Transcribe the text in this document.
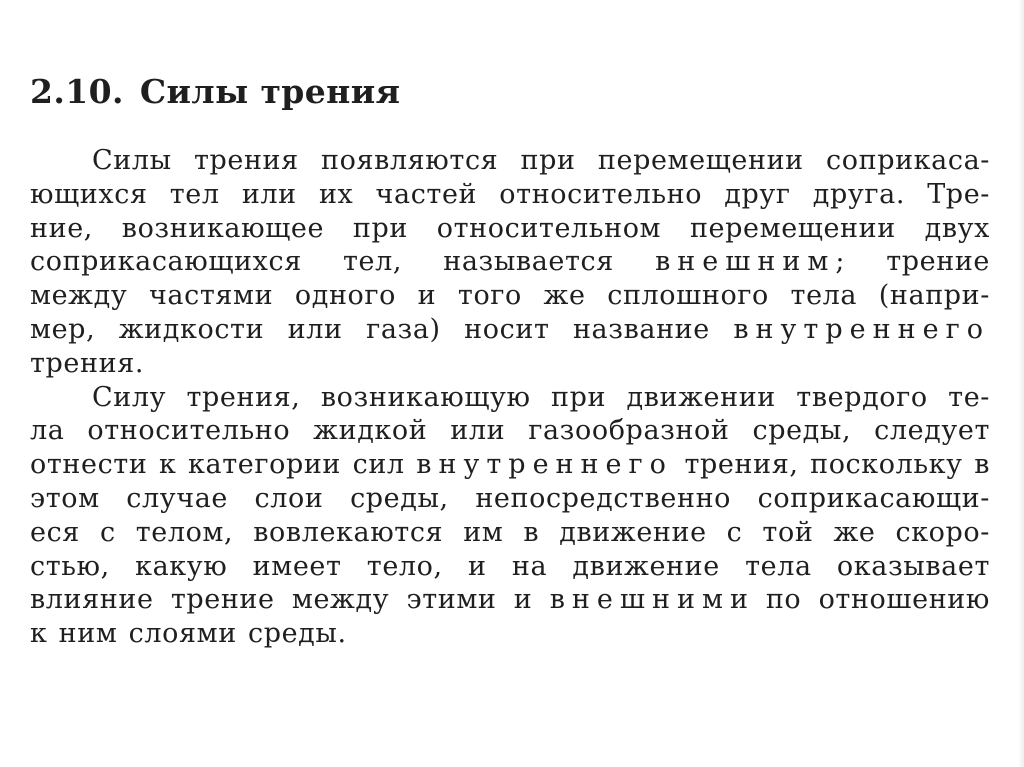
2.10. Силы трения
Силы трения появляются при перемещении соприкаса-
ющихся тел или их частей относительно друг друга. Тре-
ние, возникающее при относительном перемещении двух
соприкасающихся тел, называется внешним; трение
между частями одного и того же сплошного тела (напри-
мер, жидкости или газа) носит название внутреннего
трения.
Силу трения, возникающую при движении твердого те-
ла относительно жидкой или газообразной среды, следует
отнести к категории сил внутреннего трения, поскольку в
этом случае слои среды, непосредственно соприкасающи-
еся с телом, вовлекаются им в движение с той же скоро-
стью, какую имеет тело, и на движение тела оказывает
влияние трение между этими и внешними по отношению
к ним слоями среды.
